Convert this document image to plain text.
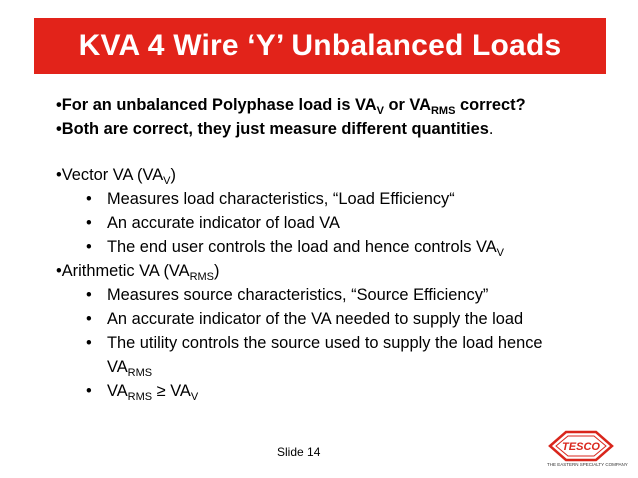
KVA 4 Wire ‘Y’ Unbalanced Loads
•For an unbalanced Polyphase load is $VA_V$ or $VA_{RMS}$ correct?
•Both are correct, they just measure different quantities.
•Vector VA $(VA_V)$
• Measures load characteristics, “Load Efficiency“
• An accurate indicator of load VA
• The end user controls the load and hence controls $VA_V$
•Arithmetic VA $(VA_{RMS})$
• Measures source characteristics, “Source Efficiency”
• An accurate indicator of the VA needed to supply the load
• The utility controls the source used to supply the load hence
$VA_{RMS}$
• $VA_{RMS} \ge VA_V$
Slide 14	TESCO
THE EASTERN SPECIALTY COMPANY
